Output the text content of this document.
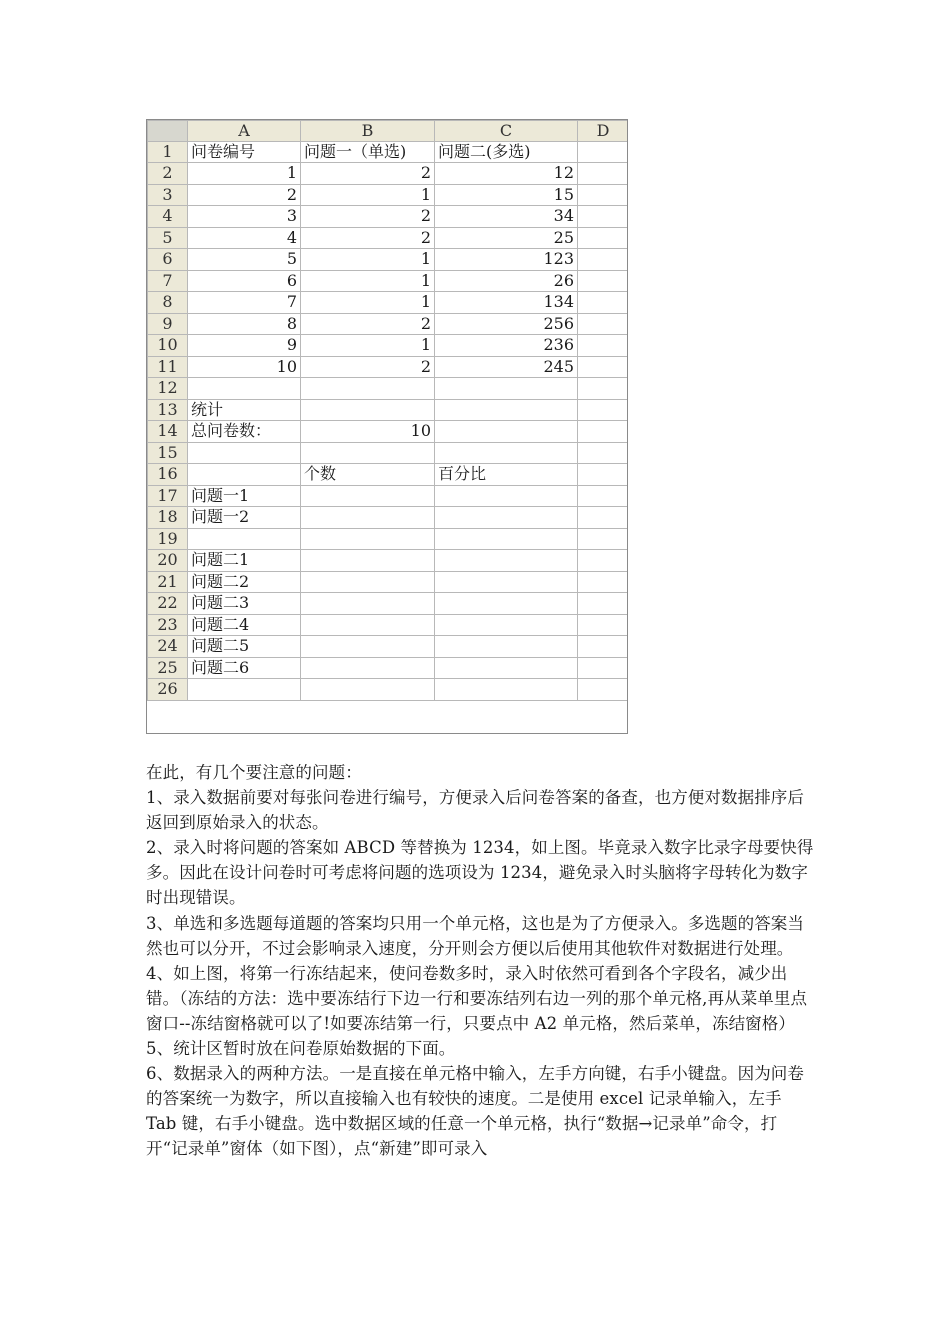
	A	B	C	D
1	问卷编号	问题一（单选)	问题二(多选)	
2	1	2	12	
3	2	1	15	
4	3	2	34	
5	4	2	25	
6	5	1	123	
7	6	1	26	
8	7	1	134	
9	8	2	256	
10	9	1	236	
11	10	2	245	
12				
13	统计			
14	总问卷数：	10		
15				
16		个数	百分比	
17	问题一1			
18	问题一2			
19				
20	问题二1			
21	问题二2			
22	问题二3			
23	问题二4			
24	问题二5			
25	问题二6			
26				

在此，有几个要注意的问题：

1、录入数据前要对每张问卷进行编号，方便录入后问卷答案的备查，也方便对数据排序后返回到原始录入的状态。

2、录入时将问题的答案如 ABCD 等替换为 1234，如上图。毕竟录入数字比录字母要快得多。因此在设计问卷时可考虑将问题的选项设为 1234，避免录入时头脑将字母转化为数字时出现错误。

3、单选和多选题每道题的答案均只用一个单元格，这也是为了方便录入。多选题的答案当然也可以分开，不过会影响录入速度，分开则会方便以后使用其他软件对数据进行处理。

4、如上图，将第一行冻结起来，使问卷数多时，录入时依然可看到各个字段名，减少出错。（冻结的方法：选中要冻结行下边一行和要冻结列右边一列的那个单元格,再从菜单里点窗口--冻结窗格就可以了!如要冻结第一行，只要点中 A2 单元格，然后菜单，冻结窗格）

5、统计区暂时放在问卷原始数据的下面。

6、数据录入的两种方法。一是直接在单元格中输入，左手方向键，右手小键盘。因为问卷的答案统一为数字，所以直接输入也有较快的速度。二是使用 excel 记录单输入，左手 Tab 键，右手小键盘。选中数据区域的任意一个单元格，执行“数据→记录单”命令，打开“记录单”窗体（如下图），点“新建”即可录入
